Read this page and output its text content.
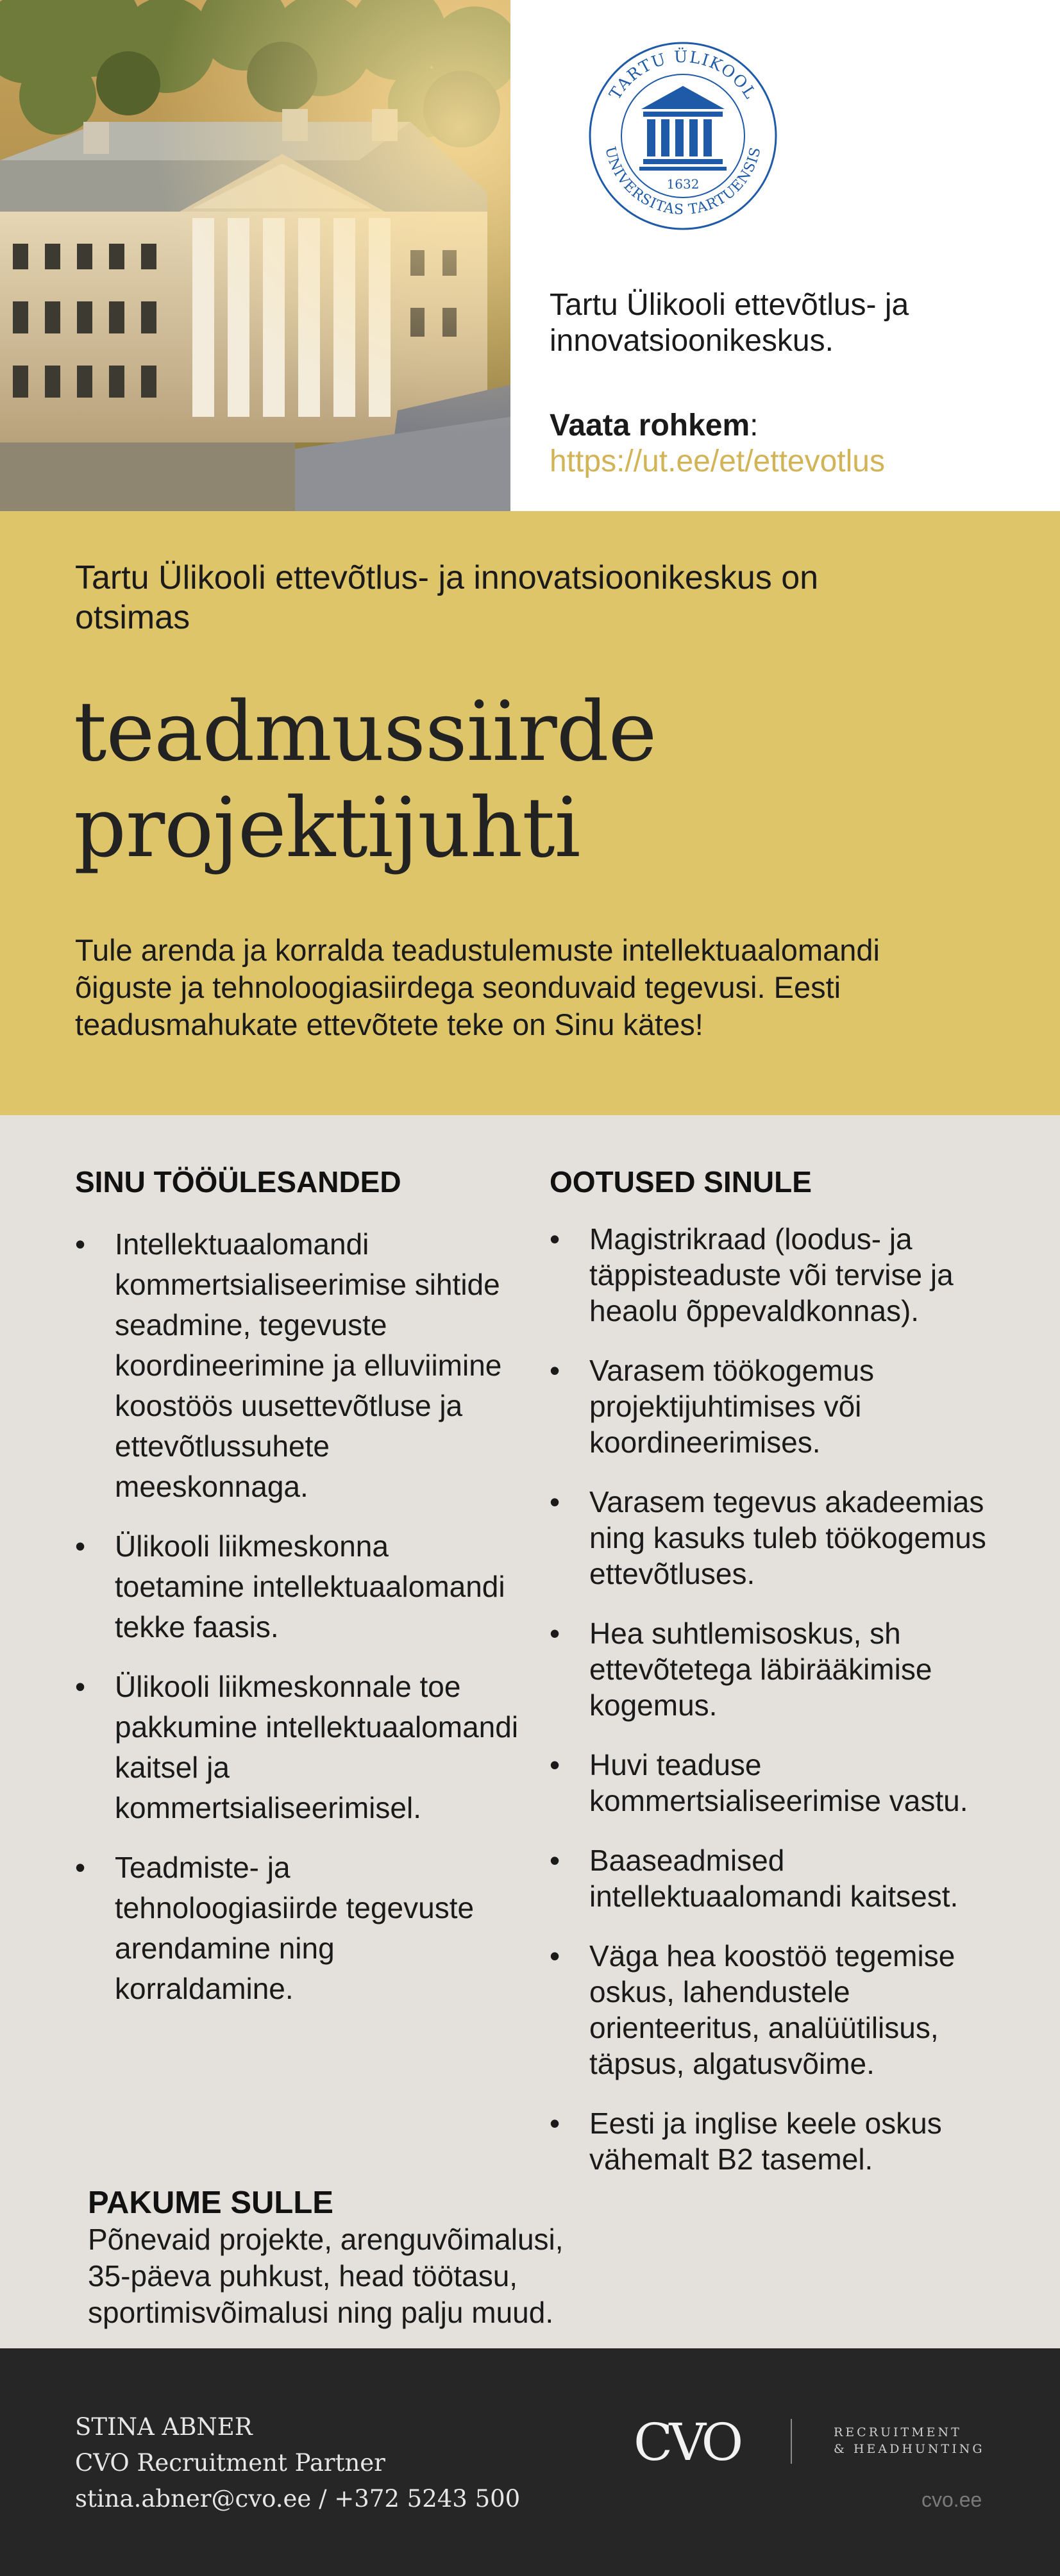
TARTU ÜLIKOOL
UNIVERSITAS TARTUENSIS
1632
Tartu Ülikooli ettevõtlus- ja innovatsioonikeskus.
Vaata rohkem:
https://ut.ee/et/ettevotlus
Tartu Ülikooli ettevõtlus- ja innovatsioonikeskus on otsimas
teadmussiirde
projektijuhti
Tule arenda ja korralda teadustulemuste intellektuaalomandi õiguste ja tehnoloogiasiirdega seonduvaid tegevusi. Eesti teadusmahukate ettevõtete teke on Sinu kätes!
SINU TÖÖÜLESANDED
• Intellektuaalomandi kommertsialiseerimise sihtide seadmine, tegevuste koordineerimine ja elluviimine koostöös uusettevõtluse ja ettevõtlussuhete meeskonnaga.
• Ülikooli liikmeskonna toetamine intellektuaalomandi tekke faasis.
• Ülikooli liikmeskonnale toe pakkumine intellektuaalomandi kaitsel ja kommertsialiseerimisel.
• Teadmiste- ja tehnoloogiasiirde tegevuste arendamine ning korraldamine.
OOTUSED SINULE
• Magistrikraad (loodus- ja täppisteaduste või tervise ja heaolu õppevaldkonnas).
• Varasem töökogemus projektijuhtimises või koordineerimises.
• Varasem tegevus akadeemias ning kasuks tuleb töökogemus ettevõtluses.
• Hea suhtlemisoskus, sh ettevõtetega läbirääkimise kogemus.
• Huvi teaduse kommertsialiseerimise vastu.
• Baaseadmised intellektuaalomandi kaitsest.
• Väga hea koostöö tegemise oskus, lahendustele orienteeritus, analüütilisus, täpsus, algatusvõime.
• Eesti ja inglise keele oskus vähemalt B2 tasemel.
PAKUME SULLE
Põnevaid projekte, arenguvõimalusi, 35-päeva puhkust, head töötasu, sportimisvõimalusi ning palju muud.
STINA ABNER
CVO Recruitment Partner
stina.abner@cvo.ee / +372 5243 500
CVO	RECRUITMENT
& HEADHUNTING
cvo.ee
